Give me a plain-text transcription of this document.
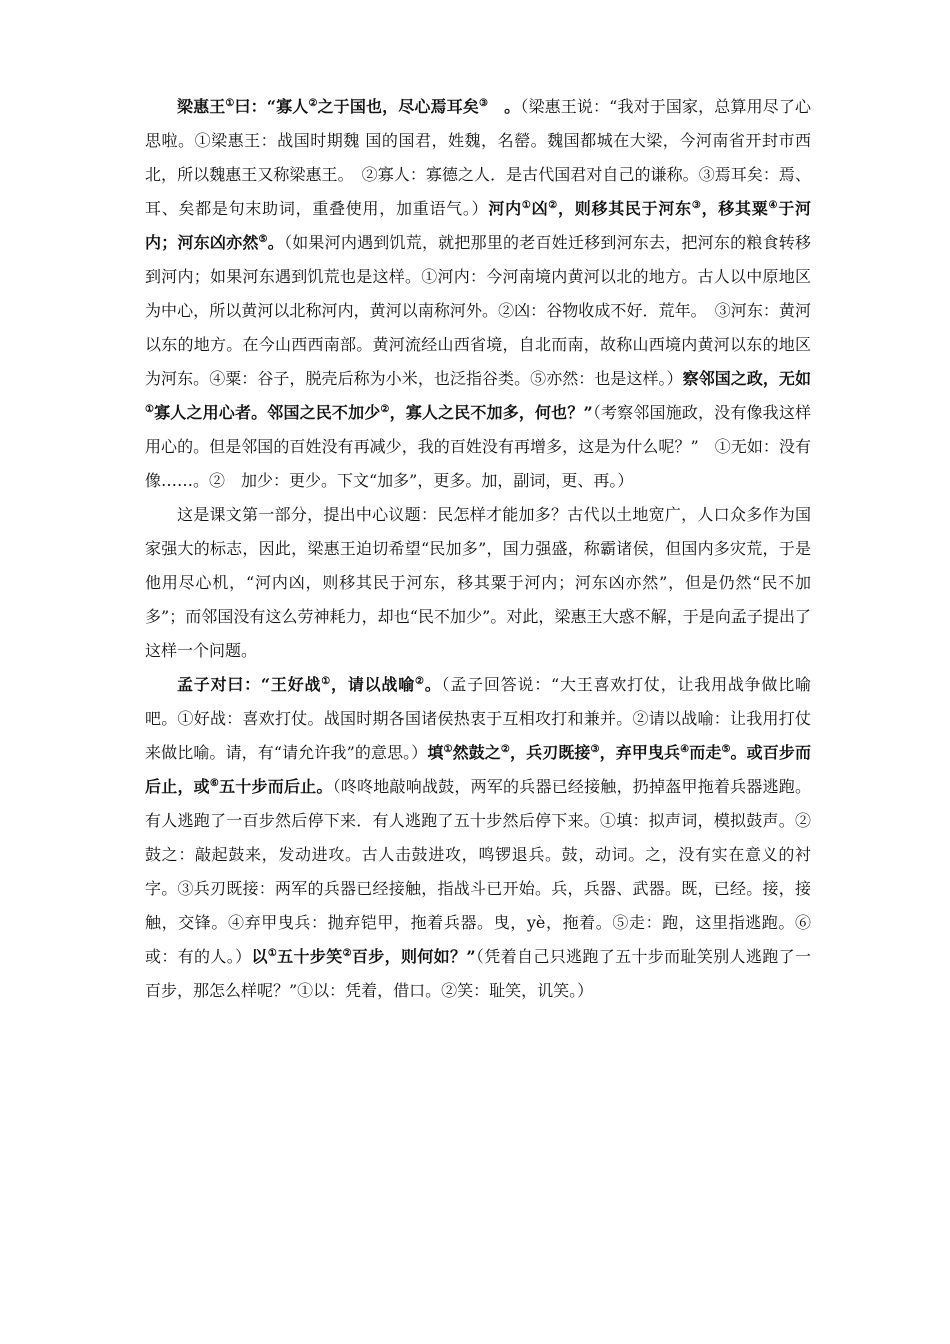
梁惠王①曰：“寡人②之于国也，尽心焉耳矣③　。（梁惠王说：“我对于国家，总算用尽了心思啦。①梁惠王：战国时期魏 国的国君，姓魏，名罃。魏国都城在大梁，今河南省开封市西北，所以魏惠王又称梁惠王。　②寡人：寡德之人．是古代国君对自己的谦称。③焉耳矣：焉、耳、矣都是句末助词，重叠使用，加重语气。）河内①凶②，则移其民于河东③，移其粟④于河内；河东凶亦然⑤。（如果河内遇到饥荒，就把那里的老百姓迁移到河东去，把河东的粮食转移到河内；如果河东遇到饥荒也是这样。①河内：今河南境内黄河以北的地方。古人以中原地区为中心，所以黄河以北称河内，黄河以南称河外。②凶：谷物收成不好．荒年。　③河东：黄河以东的地方。在今山西西南部。黄河流经山西省境，自北而南，故称山西境内黄河以东的地区为河东。④粟：谷子，脱壳后称为小米，也泛指谷类。⑤亦然：也是这样。）察邻国之政，无如①寡人之用心者。邻国之民不加少②，寡人之民不加多，何也？”（考察邻国施政，没有像我这样用心的。但是邻国的百姓没有再减少，我的百姓没有再增多，这是为什么呢？”　①无如：没有像……。②　加少：更少。下文“加多”，更多。加，副词，更、再。）

这是课文第一部分，提出中心议题：民怎样才能加多？古代以土地宽广，人口众多作为国家强大的标志，因此，梁惠王迫切希望“民加多”，国力强盛，称霸诸侯，但国内多灾荒，于是他用尽心机，“河内凶，则移其民于河东，移其粟于河内；河东凶亦然”，但是仍然“民不加多”；而邻国没有这么劳神耗力，却也“民不加少”。对此，梁惠王大惑不解，于是向孟子提出了这样一个问题。

孟子对曰：“王好战①，请以战喻②。（孟子回答说：“大王喜欢打仗，让我用战争做比喻吧。①好战：喜欢打仗。战国时期各国诸侯热衷于互相攻打和兼并。②请以战喻：让我用打仗来做比喻。请，有“请允许我”的意思。）填①然鼓之②，兵刃既接③，弃甲曳兵④而走⑤。或百步而后止，或⑥五十步而后止。（咚咚地敲响战鼓，两军的兵器已经接触，扔掉盔甲拖着兵器逃跑。有人逃跑了一百步然后停下来．有人逃跑了五十步然后停下来。①填：拟声词，模拟鼓声。②鼓之：敲起鼓来，发动进攻。古人击鼓进攻，鸣锣退兵。鼓，动词。之，没有实在意义的衬字。③兵刃既接：两军的兵器已经接触，指战斗已开始。兵，兵器、武器。既，已经。接，接触，交锋。④弃甲曳兵：抛弃铠甲，拖着兵器。曳，yè，拖着。⑤走：跑，这里指逃跑。⑥或：有的人。）以①五十步笑②百步，则何如？”（凭着自己只逃跑了五十步而耻笑别人逃跑了一百步，那怎么样呢？”①以：凭着，借口。②笑：耻笑，讥笑。）
